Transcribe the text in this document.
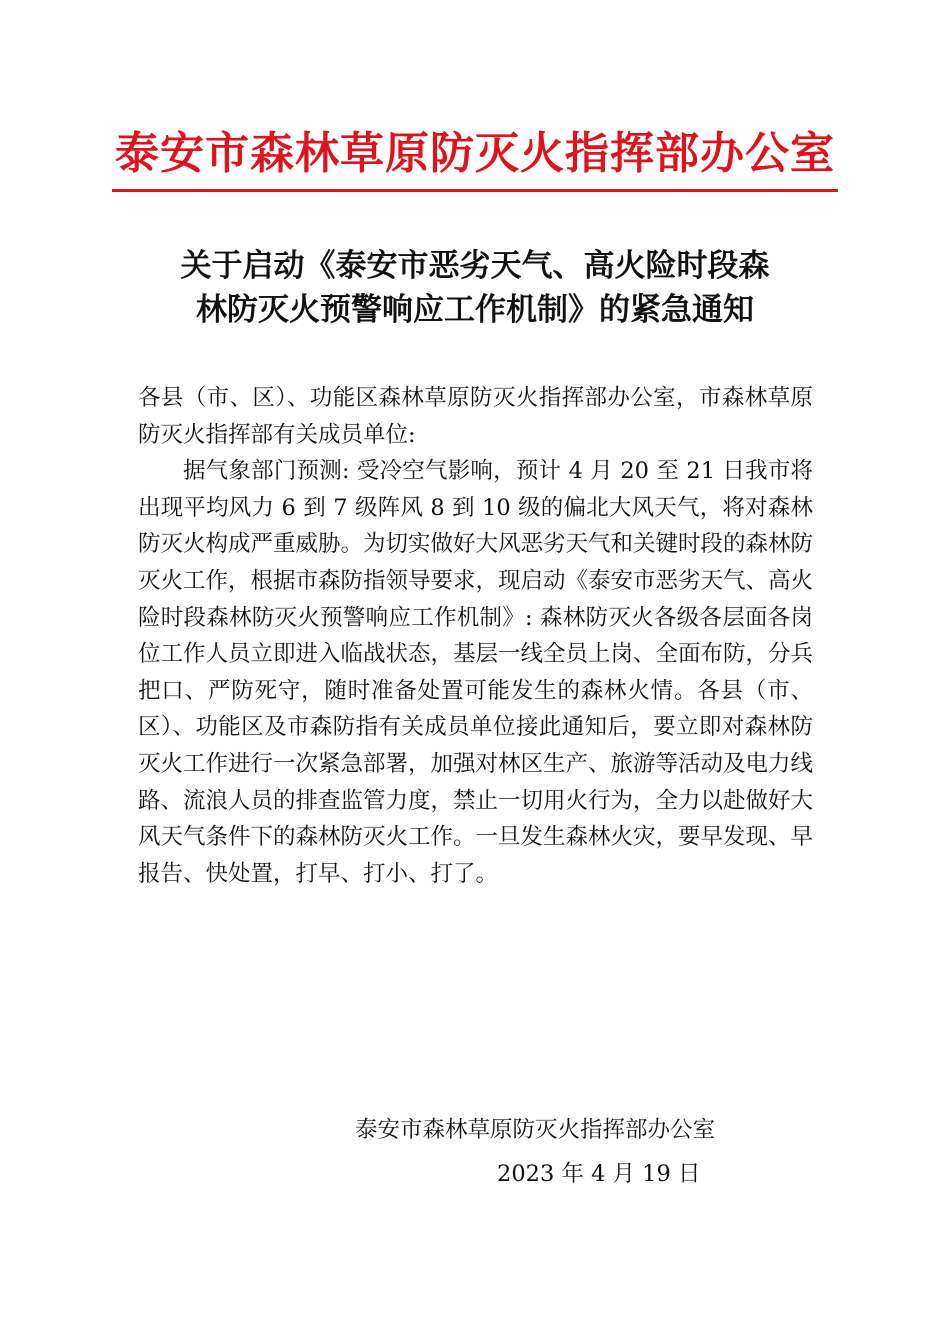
泰安市森林草原防灭火指挥部办公室
关于启动《泰安市恶劣天气、高火险时段森
林防灭火预警响应工作机制》的紧急通知

各县（市、区）、功能区森林草原防灭火指挥部办公室，市森林草原防灭火指挥部有关成员单位:

据气象部门预测: 受冷空气影响，预计 4 月 20 至 21 日我市将出现平均风力 6 到 7 级阵风 8 到 10 级的偏北大风天气，将对森林防灭火构成严重威胁。为切实做好大风恶劣天气和关键时段的森林防灭火工作，根据市森防指领导要求，现启动《泰安市恶劣天气、高火险时段森林防灭火预警响应工作机制》: 森林防灭火各级各层面各岗位工作人员立即进入临战状态，基层一线全员上岗、全面布防，分兵把口、严防死守，随时准备处置可能发生的森林火情。各县（市、区）、功能区及市森防指有关成员单位接此通知后，要立即对森林防灭火工作进行一次紧急部署，加强对林区生产、旅游等活动及电力线路、流浪人员的排查监管力度，禁止一切用火行为，全力以赴做好大风天气条件下的森林防灭火工作。一旦发生森林火灾，要早发现、早报告、快处置，打早、打小、打了。

泰安市森林草原防灭火指挥部办公室
2023 年 4 月 19 日
